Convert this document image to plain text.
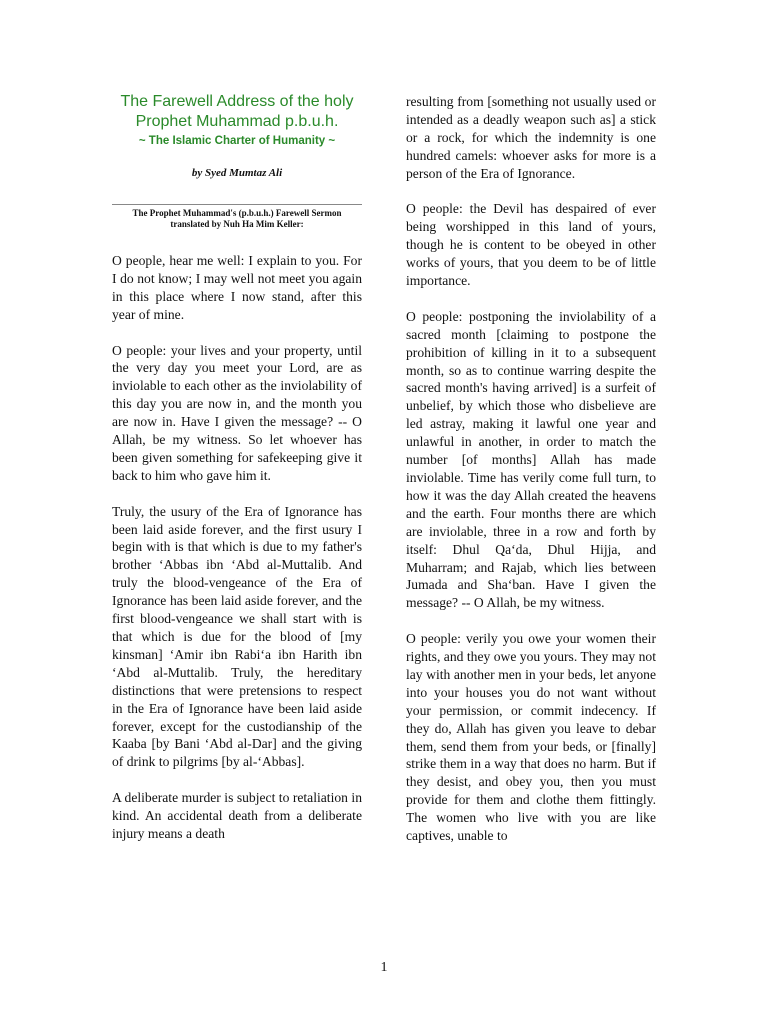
The Farewell Address of the holy Prophet Muhammad p.b.u.h.
~ The Islamic Charter of Humanity ~
by Syed Mumtaz Ali
The Prophet Muhammad's (p.b.u.h.) Farewell Sermon translated by Nuh Ha Mim Keller:

O people, hear me well: I explain to you. For I do not know; I may well not meet you again in this place where I now stand, after this year of mine.

O people: your lives and your property, until the very day you meet your Lord, are as inviolable to each other as the inviolability of this day you are now in, and the month you are now in. Have I given the message? -- O Allah, be my witness. So let whoever has been given something for safekeeping give it back to him who gave him it.

Truly, the usury of the Era of Ignorance has been laid aside forever, and the first usury I begin with is that which is due to my father's brother ‘Abbas ibn ‘Abd al-Muttalib. And truly the blood-vengeance of the Era of Ignorance has been laid aside forever, and the first blood-vengeance we shall start with is that which is due for the blood of [my kinsman] ‘Amir ibn Rabi‘a ibn Harith ibn ‘Abd al-Muttalib. Truly, the hereditary distinctions that were pretensions to respect in the Era of Ignorance have been laid aside forever, except for the custodianship of the Kaaba [by Bani ‘Abd al-Dar] and the giving of drink to pilgrims [by al-‘Abbas].

A deliberate murder is subject to retaliation in kind. An accidental death from a deliberate injury means a death

resulting from [something not usually used or intended as a deadly weapon such as] a stick or a rock, for which the indemnity is one hundred camels: whoever asks for more is a person of the Era of Ignorance.

O people: the Devil has despaired of ever being worshipped in this land of yours, though he is content to be obeyed in other works of yours, that you deem to be of little importance.

O people: postponing the inviolability of a sacred month [claiming to postpone the prohibition of killing in it to a subsequent month, so as to continue warring despite the sacred month's having arrived] is a surfeit of unbelief, by which those who disbelieve are led astray, making it lawful one year and unlawful in another, in order to match the number [of months] Allah has made inviolable. Time has verily come full turn, to how it was the day Allah created the heavens and the earth. Four months there are which are inviolable, three in a row and forth by itself: Dhul Qa‘da, Dhul Hijja, and Muharram; and Rajab, which lies between Jumada and Sha‘ban. Have I given the message? -- O Allah, be my witness.

O people: verily you owe your women their rights, and they owe you yours. They may not lay with another men in your beds, let anyone into your houses you do not want without your permission, or commit indecency. If they do, Allah has given you leave to debar them, send them from your beds, or [finally] strike them in a way that does no harm. But if they desist, and obey you, then you must provide for them and clothe them fittingly. The women who live with you are like captives, unable to

1
